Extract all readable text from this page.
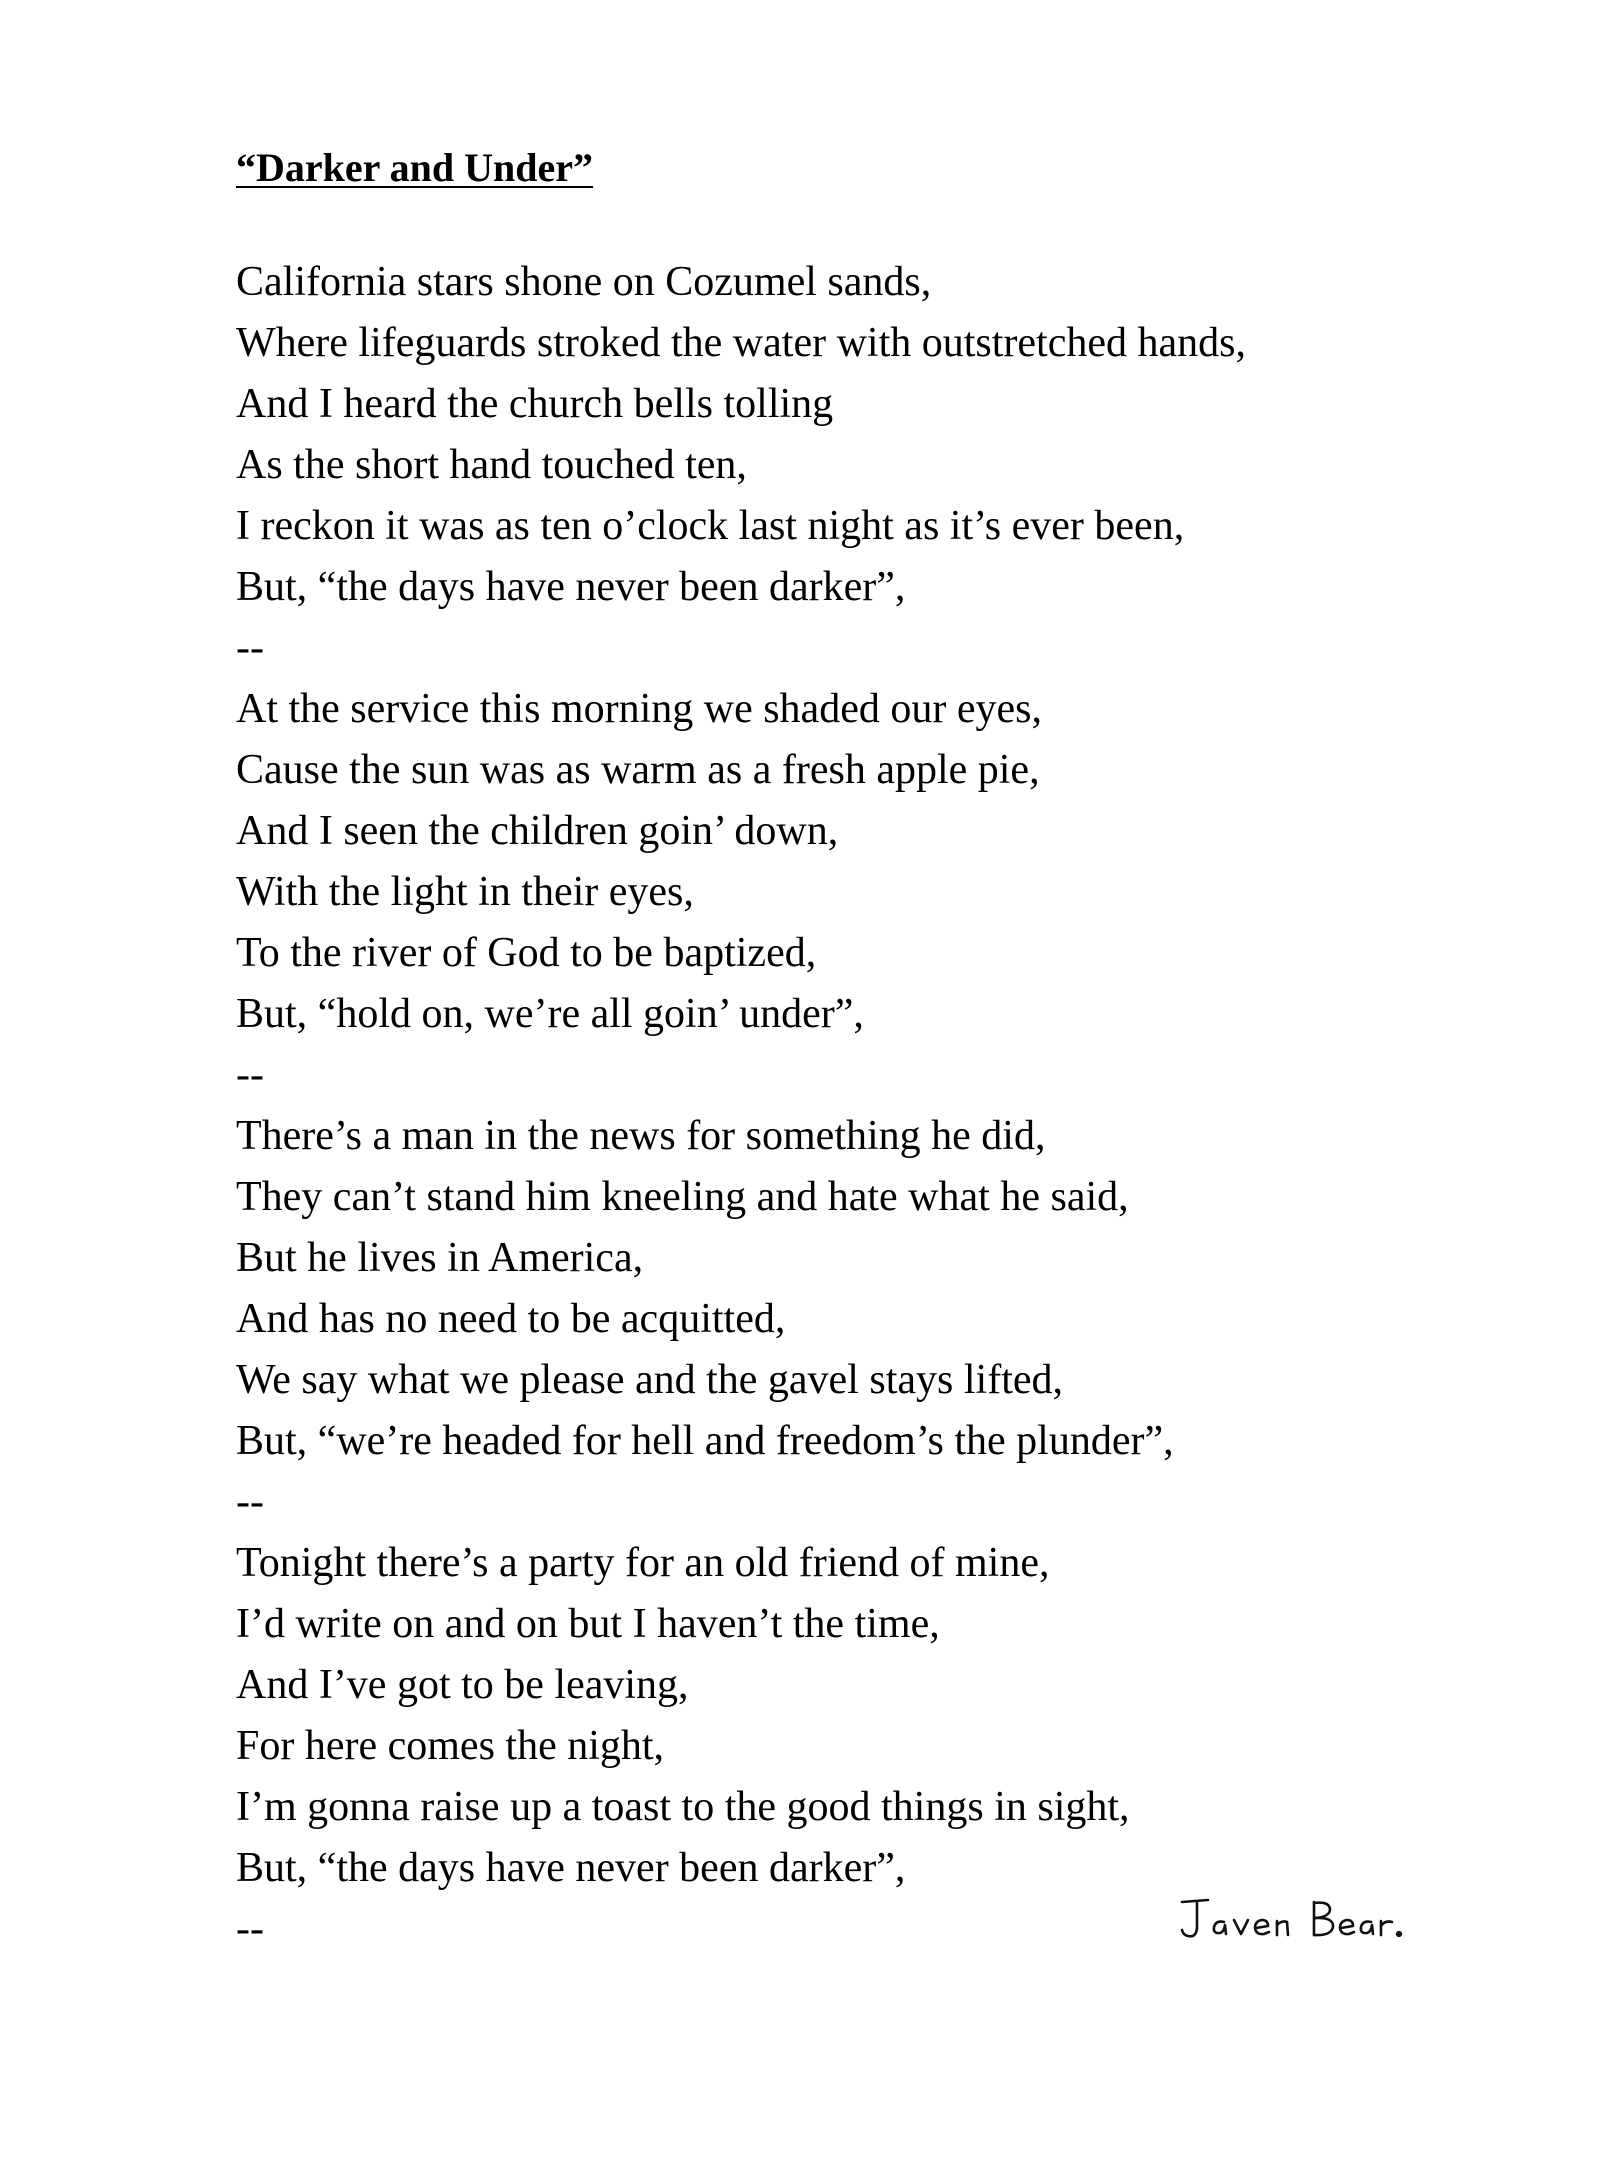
“Darker and Under”
California stars shone on Cozumel sands,
Where lifeguards stroked the water with outstretched hands,
And I heard the church bells tolling
As the short hand touched ten,
I reckon it was as ten o’clock last night as it’s ever been,
But, “the days have never been darker”,
--
At the service this morning we shaded our eyes,
Cause the sun was as warm as a fresh apple pie,
And I seen the children goin’ down,
With the light in their eyes,
To the river of God to be baptized,
But, “hold on, we’re all goin’ under”,
--
There’s a man in the news for something he did,
They can’t stand him kneeling and hate what he said,
But he lives in America,
And has no need to be acquitted,
We say what we please and the gavel stays lifted,
But, “we’re headed for hell and freedom’s the plunder”,
--
Tonight there’s a party for an old friend of mine,
I’d write on and on but I haven’t the time,
And I’ve got to be leaving,
For here comes the night,
I’m gonna raise up a toast to the good things in sight,
But, “the days have never been darker”,
--
